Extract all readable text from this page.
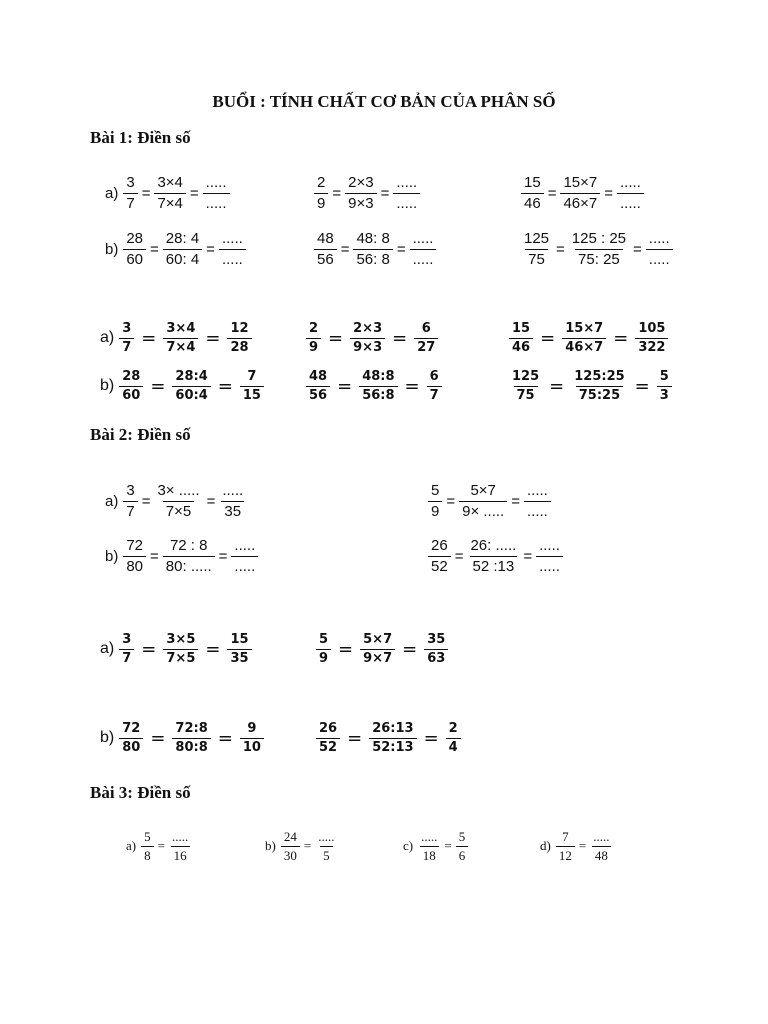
BUỔI : TÍNH CHẤT CƠ BẢN CỦA PHÂN SỐ
Bài 1: Điền số
$a) \frac{3}{7} = \frac{3\times 4}{7\times 4} = \frac{.....}{.....}$	$\frac{2}{9} = \frac{2\times 3}{9\times 3} = \frac{.....}{.....}$	$\frac{15}{46} = \frac{15\times 7}{46\times 7} = \frac{.....}{.....}$
$b) \frac{28}{60} = \frac{28: 4}{60: 4} = \frac{.....}{.....}$	$\frac{48}{56} = \frac{48: 8}{56: 8} = \frac{.....}{.....}$	$\frac{125}{75} = \frac{125 : 25}{75: 25} = \frac{.....}{.....}$
$a) \frac{3}{7} = \frac{3\times 4}{7\times 4} = \frac{12}{28}$	$\frac{2}{9} = \frac{2\times 3}{9\times 3} = \frac{6}{27}$	$\frac{15}{46} = \frac{15\times 7}{46\times 7} = \frac{105}{322}$
$b) \frac{28}{60} = \frac{28:4}{60:4} = \frac{7}{15}$	$\frac{48}{56} = \frac{48:8}{56:8} = \frac{6}{7}$	$\frac{125}{75} = \frac{125:25}{75:25} = \frac{5}{3}$
Bài 2: Điền số
$a) \frac{3}{7} = \frac{3\times .....}{7\times 5} = \frac{.....}{35}$	$\frac{5}{9} = \frac{5\times 7}{9\times .....} = \frac{.....}{.....}$
$b) \frac{72}{80} = \frac{72 : 8}{80: .....} = \frac{.....}{.....}$	$\frac{26}{52} = \frac{26: .....}{52 :13} = \frac{.....}{.....}$
$a) \frac{3}{7} = \frac{3\times 5}{7\times 5} = \frac{15}{35}$	$\frac{5}{9} = \frac{5\times 7}{9\times 7} = \frac{35}{63}$
$b) \frac{72}{80} = \frac{72:8}{80:8} = \frac{9}{10}$	$\frac{26}{52} = \frac{26:13}{52:13} = \frac{2}{4}$
Bài 3: Điền số
$a) \frac{5}{8} = \frac{.....}{16}$	$b) \frac{24}{30} = \frac{.....}{5}$	$c) \frac{.....}{18} = \frac{5}{6}$	$d) \frac{7}{12} = \frac{.....}{48}$
